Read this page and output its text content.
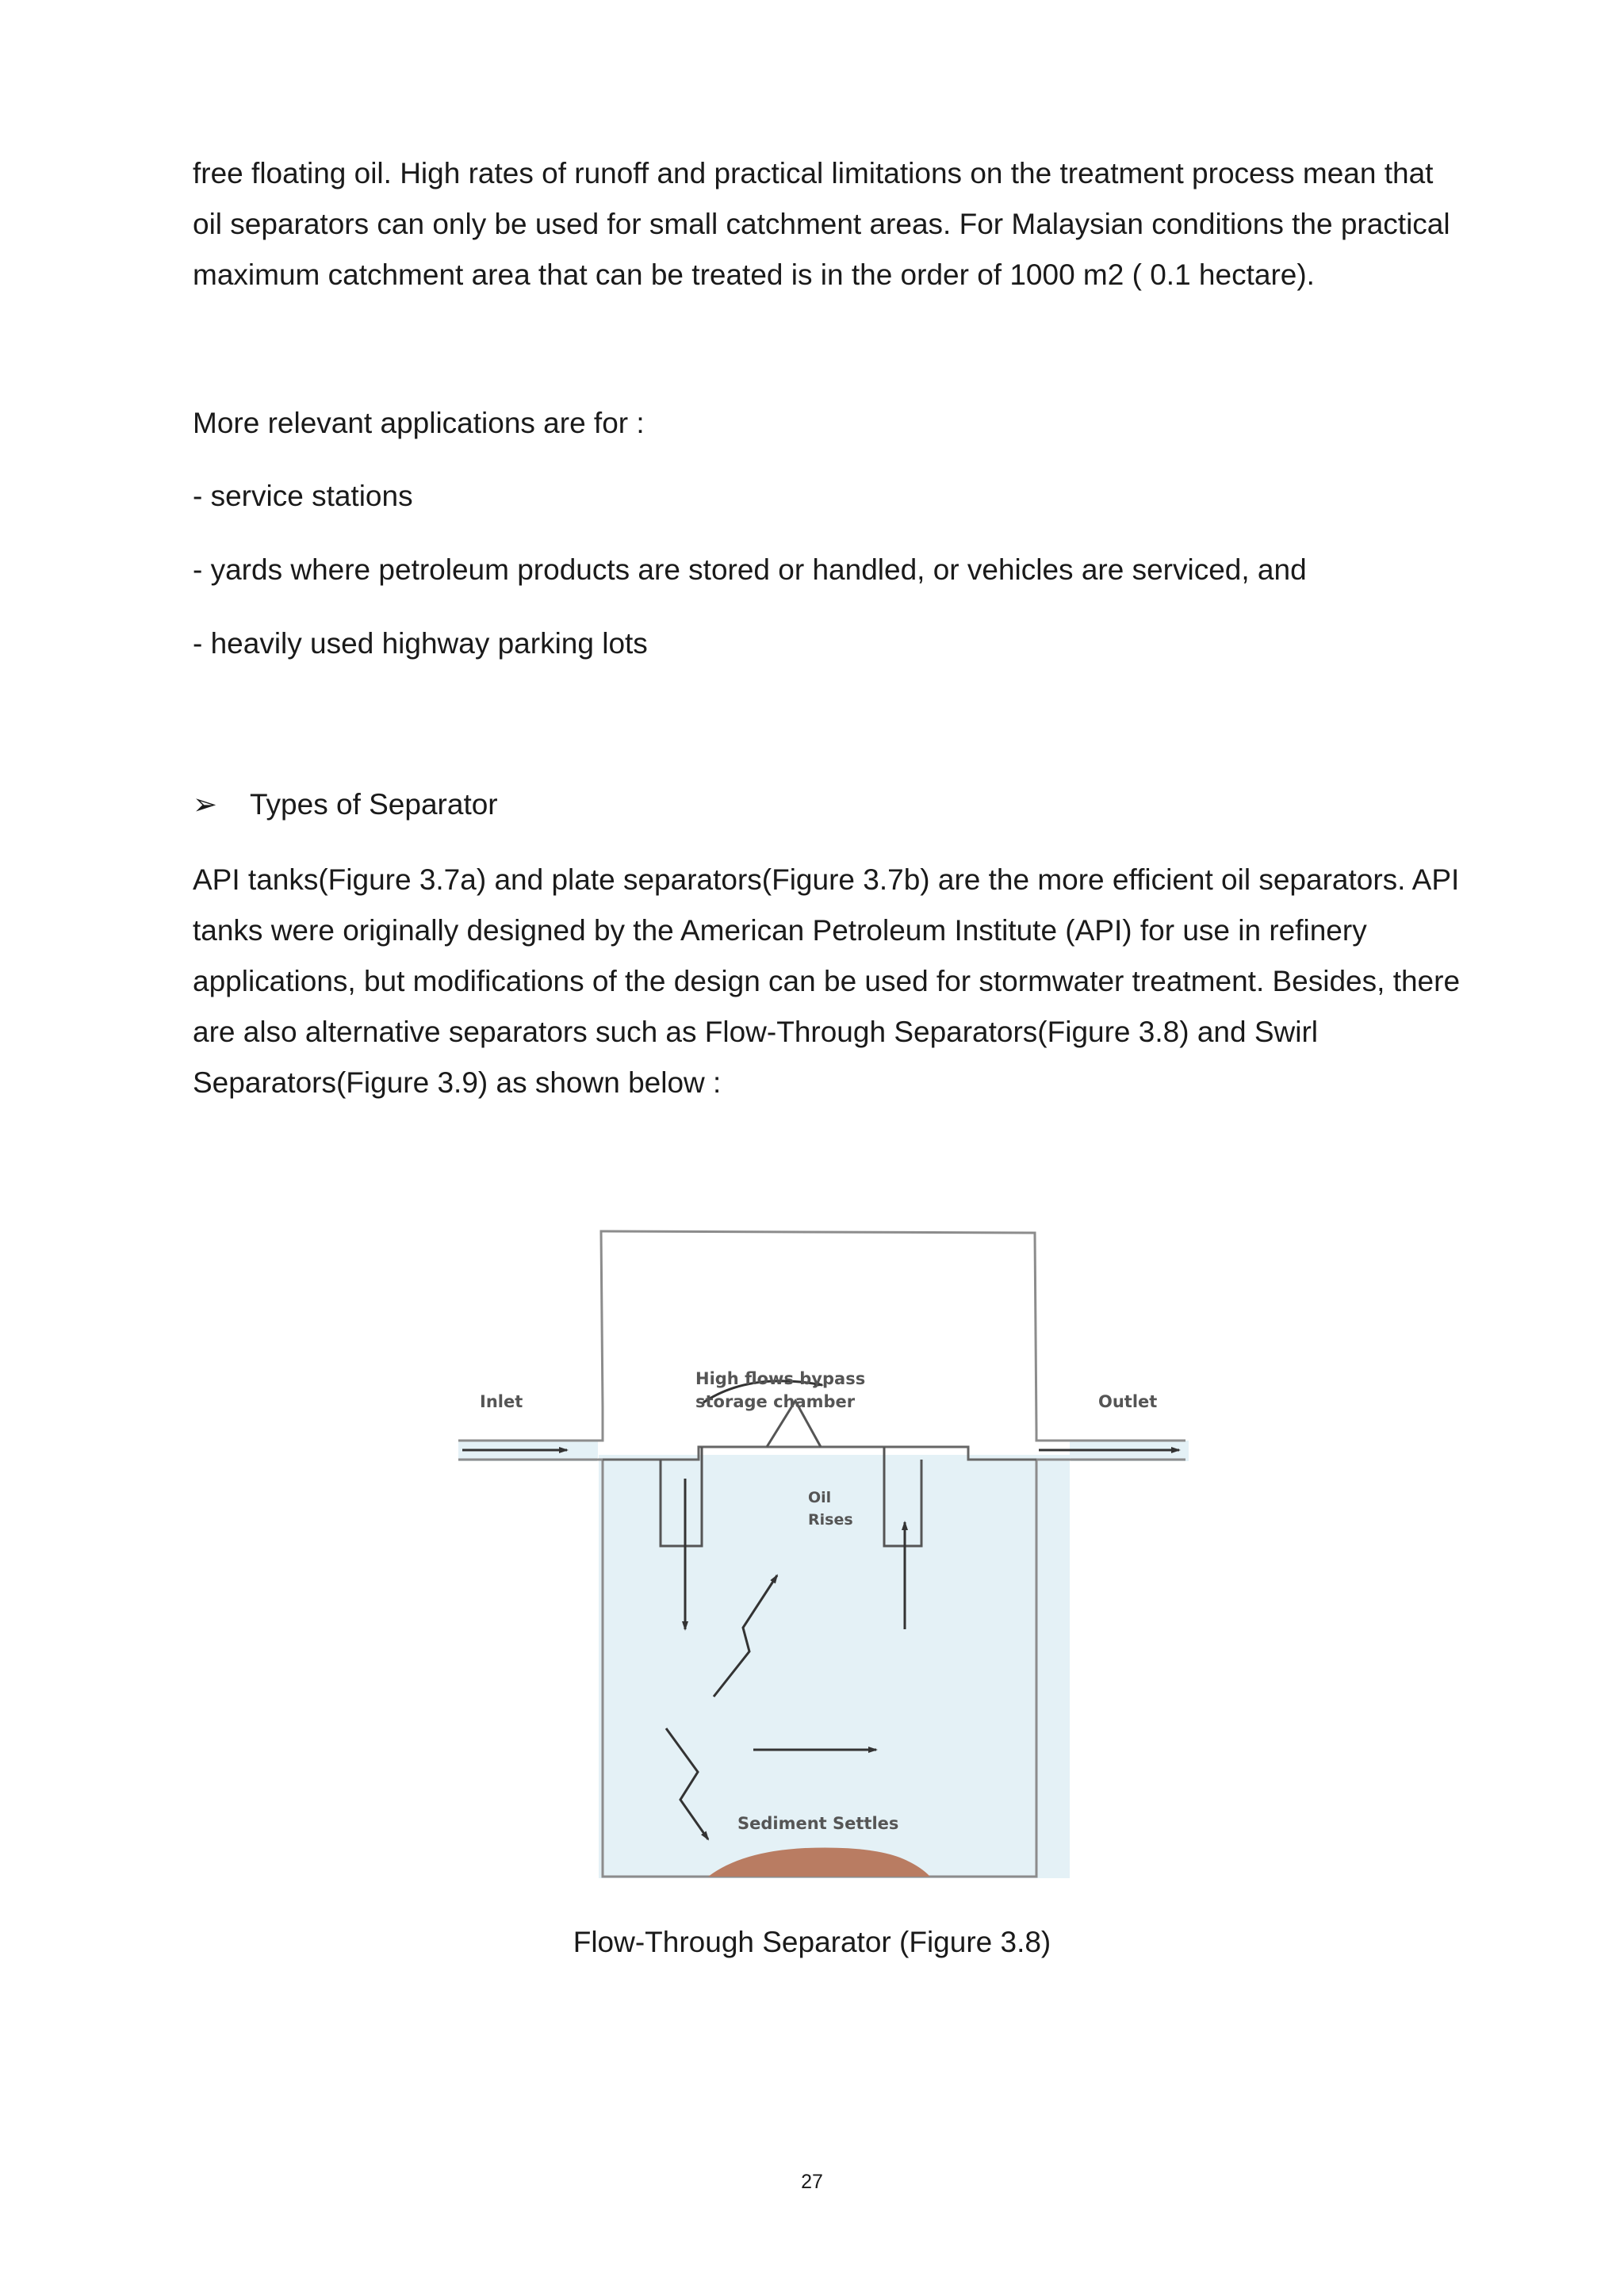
free floating oil. High rates of runoff and practical limitations on the treatment process mean that oil separators can only be used for small catchment areas. For Malaysian conditions the practical maximum catchment area that can be treated is in the order of 1000 m2 ( 0.1 hectare).

More relevant applications are for :

- service stations

- yards where petroleum products are stored or handled, or vehicles are serviced, and

- heavily used highway parking lots

➢ Types of Separator

API tanks(Figure 3.7a) and plate separators(Figure 3.7b) are the more efficient oil separators. API tanks were originally designed by the American Petroleum Institute (API) for use in refinery applications, but modifications of the design can be used for stormwater treatment. Besides, there are also alternative separators such as Flow-Through Separators(Figure 3.8) and Swirl Separators(Figure 3.9) as shown below :

Inlet	Outlet
High flows bypass
storage chamber
Oil
Rises
Sediment Settles
Flow-Through Separator (Figure 3.8)
27
